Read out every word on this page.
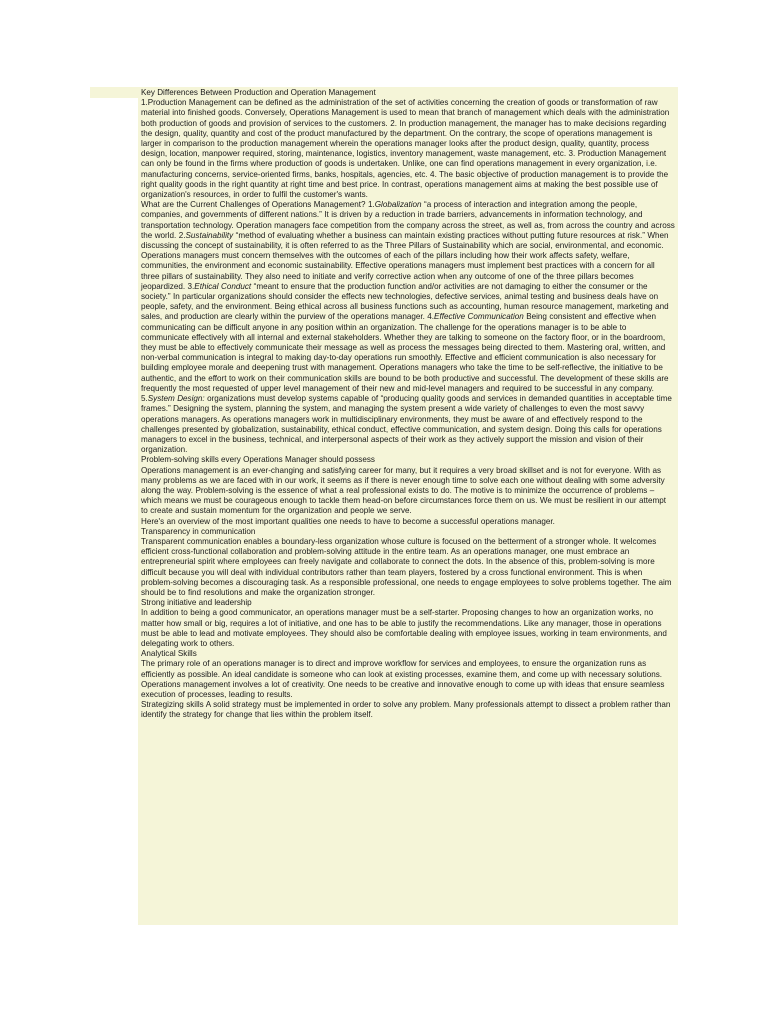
Key Differences Between Production and Operation Management

1.Production Management can be defined as the administration of the set of activities concerning the creation of goods or transformation of raw material into finished goods. Conversely, Operations Management is used to mean that branch of management which deals with the administration both production of goods and provision of services to the customers. 2. In production management, the manager has to make decisions regarding the design, quality, quantity and cost of the product manufactured by the department. On the contrary, the scope of operations management is larger in comparison to the production management wherein the operations manager looks after the product design, quality, quantity, process design, location, manpower required, storing, maintenance, logistics, inventory management, waste management, etc. 3. Production Management can only be found in the firms where production of goods is undertaken. Unlike, one can find operations management in every organization, i.e. manufacturing concerns, service-oriented firms, banks, hospitals, agencies, etc. 4. The basic objective of production management is to provide the right quality goods in the right quantity at right time and best price. In contrast, operations management aims at making the best possible use of organization's resources, in order to fulfil the customer's wants.

What are the Current Challenges of Operations Management? 1.Globalization “a process of interaction and integration among the people, companies, and governments of different nations.” It is driven by a reduction in trade barriers, advancements in information technology, and transportation technology. Operation managers face competition from the company across the street, as well as, from across the country and across the world. 2.Sustainability “method of evaluating whether a business can maintain existing practices without putting future resources at risk.” When discussing the concept of sustainability, it is often referred to as the Three Pillars of Sustainability which are social, environmental, and economic. Operations managers must concern themselves with the outcomes of each of the pillars including how their work affects safety, welfare, communities, the environment and economic sustainability. Effective operations managers must implement best practices with a concern for all three pillars of sustainability. They also need to initiate and verify corrective action when any outcome of one of the three pillars becomes jeopardized. 3.Ethical Conduct “meant to ensure that the production function and/or activities are not damaging to either the consumer or the society.” In particular organizations should consider the effects new technologies, defective services, animal testing and business deals have on people, safety, and the environment. Being ethical across all business functions such as accounting, human resource management, marketing and sales, and production are clearly within the purview of the operations manager. 4.Effective Communication Being consistent and effective when communicating can be difficult anyone in any position within an organization. The challenge for the operations manager is to be able to communicate effectively with all internal and external stakeholders. Whether they are talking to someone on the factory floor, or in the boardroom, they must be able to effectively communicate their message as well as process the messages being directed to them. Mastering oral, written, and non-verbal communication is integral to making day-to-day operations run smoothly. Effective and efficient communication is also necessary for building employee morale and deepening trust with management. Operations managers who take the time to be self-reflective, the initiative to be authentic, and the effort to work on their communication skills are bound to be both productive and successful. The development of these skills are frequently the most requested of upper level management of their new and mid-level managers and required to be successful in any company. 5.System Design: organizations must develop systems capable of “producing quality goods and services in demanded quantities in acceptable time frames.” Designing the system, planning the system, and managing the system present a wide variety of challenges to even the most savvy operations managers. As operations managers work in multidisciplinary environments, they must be aware of and effectively respond to the challenges presented by globalization, sustainability, ethical conduct, effective communication, and system design. Doing this calls for operations managers to excel in the business, technical, and interpersonal aspects of their work as they actively support the mission and vision of their organization.

Problem-solving skills every Operations Manager should possess

Operations management is an ever-changing and satisfying career for many, but it requires a very broad skillset and is not for everyone. With as many problems as we are faced with in our work, it seems as if there is never enough time to solve each one without dealing with some adversity along the way. Problem-solving is the essence of what a real professional exists to do. The motive is to minimize the occurrence of problems – which means we must be courageous enough to tackle them head-on before circumstances force them on us. We must be resilient in our attempt to create and sustain momentum for the organization and people we serve.

Here's an overview of the most important qualities one needs to have to become a successful operations manager.

Transparency in communication

Transparent communication enables a boundary-less organization whose culture is focused on the betterment of a stronger whole. It welcomes efficient cross-functional collaboration and problem-solving attitude in the entire team. As an operations manager, one must embrace an entrepreneurial spirit where employees can freely navigate and collaborate to connect the dots. In the absence of this, problem-solving is more difficult because you will deal with individual contributors rather than team players, fostered by a cross functional environment. This is when problem-solving becomes a discouraging task. As a responsible professional, one needs to engage employees to solve problems together. The aim should be to find resolutions and make the organization stronger.

Strong initiative and leadership

In addition to being a good communicator, an operations manager must be a self-starter. Proposing changes to how an organization works, no matter how small or big, requires a lot of initiative, and one has to be able to justify the recommendations. Like any manager, those in operations must be able to lead and motivate employees. They should also be comfortable dealing with employee issues, working in team environments, and delegating work to others.

Analytical Skills

The primary role of an operations manager is to direct and improve workflow for services and employees, to ensure the organization runs as efficiently as possible. An ideal candidate is someone who can look at existing processes, examine them, and come up with necessary solutions. Operations management involves a lot of creativity. One needs to be creative and innovative enough to come up with ideas that ensure seamless execution of processes, leading to results.

Strategizing skills A solid strategy must be implemented in order to solve any problem. Many professionals attempt to dissect a problem rather than identify the strategy for change that lies within the problem itself.
